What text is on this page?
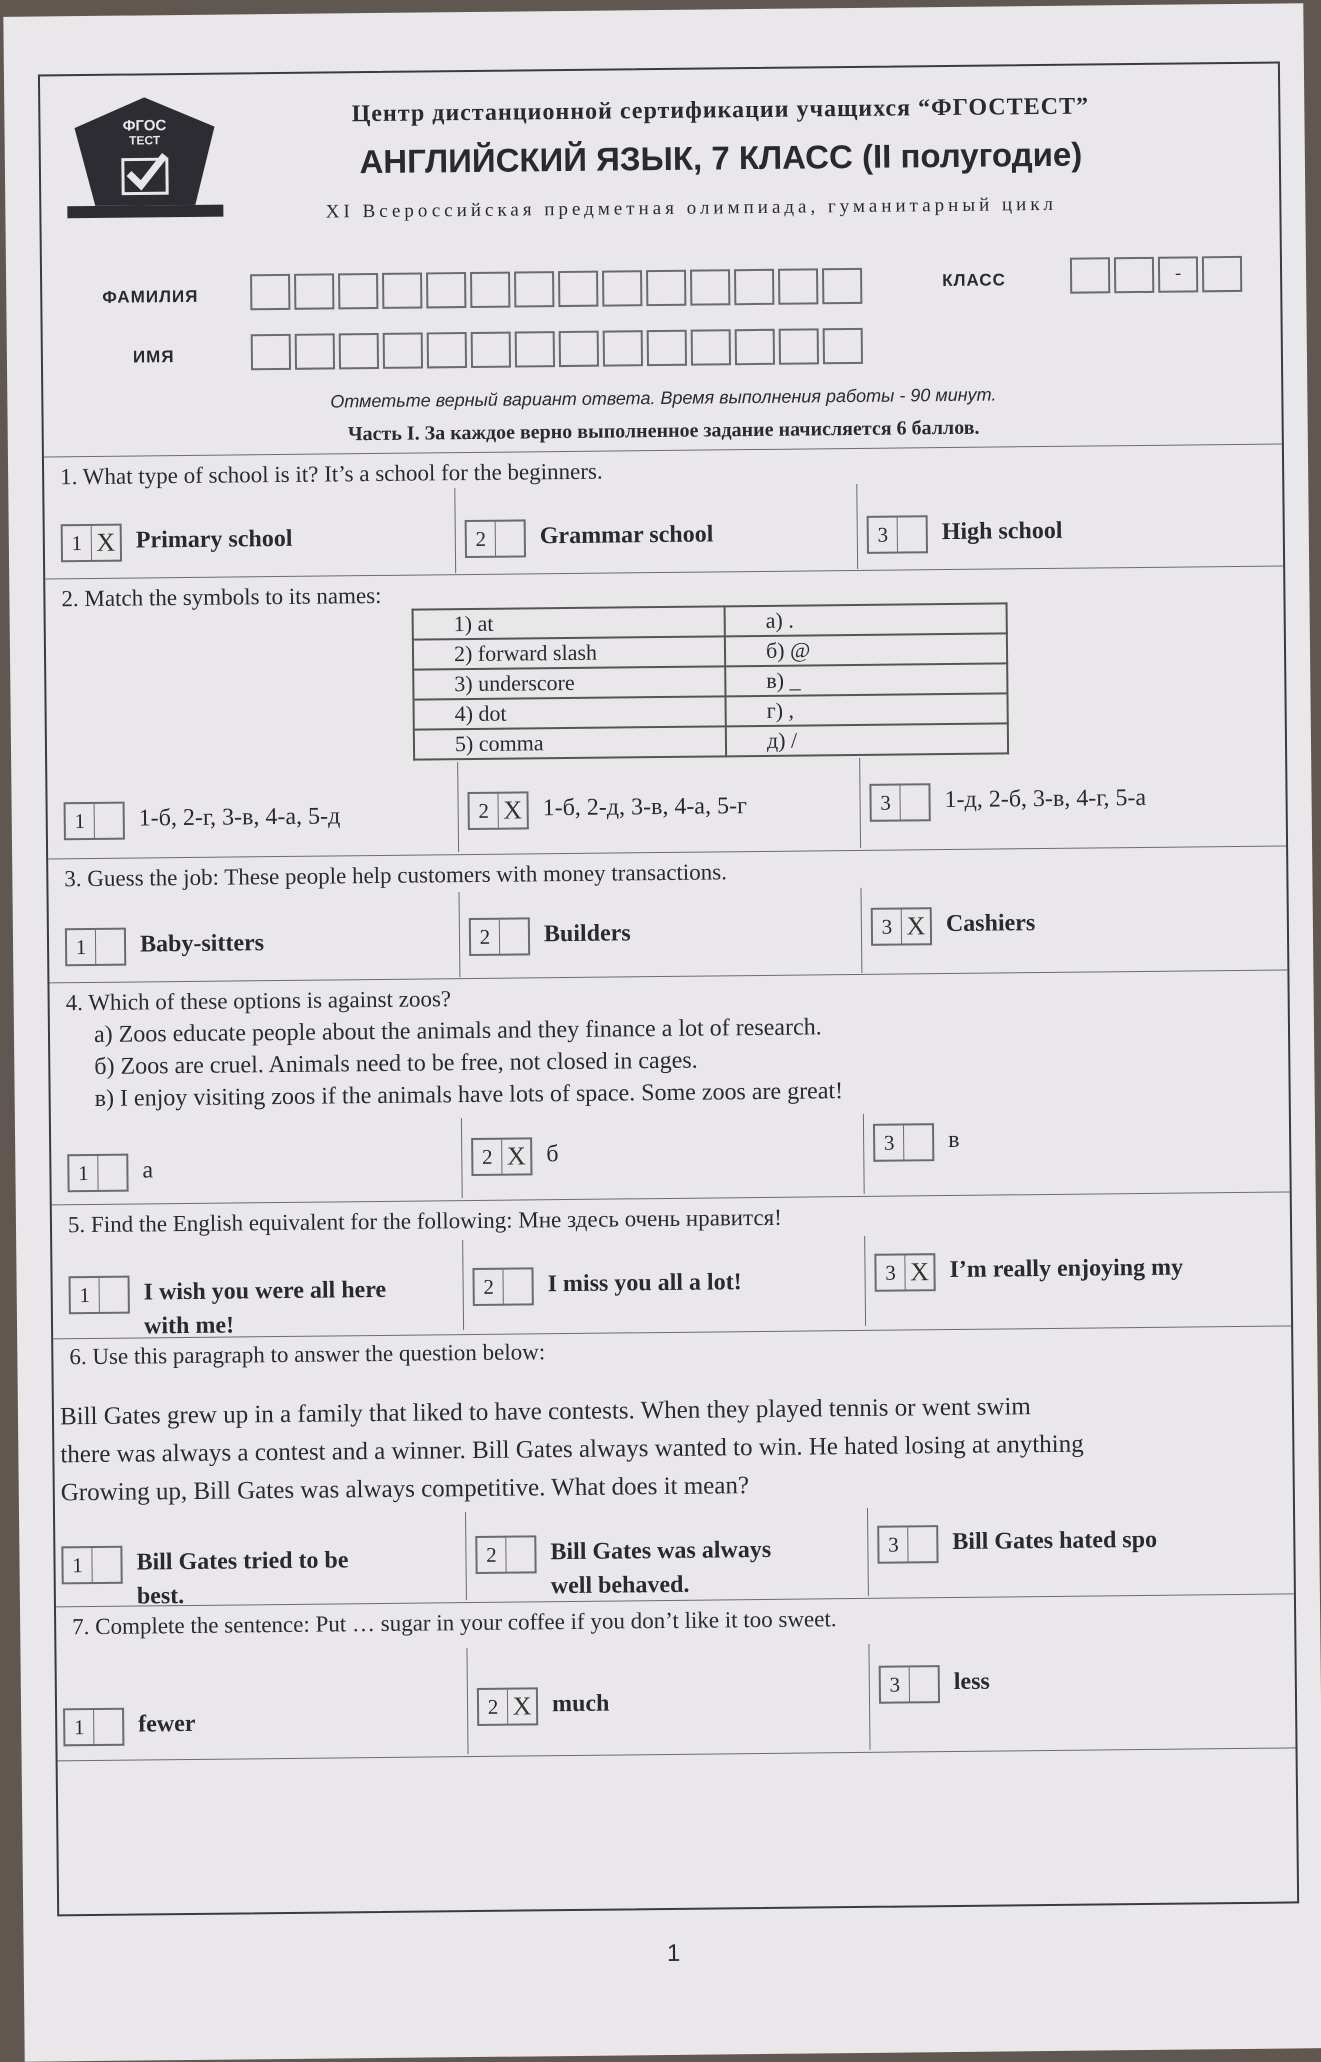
ФГОС
ТЕСТ
Центр дистанционной сертификации учащихся “ФГОСТЕСТ”
АНГЛИЙСКИЙ ЯЗЫК, 7 КЛАСС (II полугодие)
XI Всероссийская предметная олимпиада, гуманитарный цикл
ФАМИЛИЯ
КЛАСС
-
ИМЯ
Отметьте верный вариант ответа. Время выполнения работы - 90 минут.
Часть I. За каждое верно выполненное задание начисляется 6 баллов.
1. What type of school is it? It’s a school for the beginners.
1 X Primary school	2	Grammar school	3	High school
2. Match the symbols to its names:
1) at	а) .
2) forward slash	б) @
3) underscore	в) _
4) dot	г) ,
5) comma	д) /
1	1-б, 2-г, 3-в, 4-а, 5-д	2 X 1-б, 2-д, 3-в, 4-а, 5-г	3	1-д, 2-б, 3-в, 4-г, 5-а
3. Guess the job: These people help customers with money transactions.
1	Baby-sitters	2	Builders	3 X Cashiers
4. Which of these options is against zoos?
а) Zoos educate people about the animals and they finance a lot of research.
б) Zoos are cruel. Animals need to be free, not closed in cages.
в) I enjoy visiting zoos if the animals have lots of space. Some zoos are great!
1	а
2 X б	3	в
5. Find the English equivalent for the following: Мне здесь очень нравится!
1	I wish you were all here
with me!
2	I miss you all a lot!	3 X I’m really enjoying my
6. Use this paragraph to answer the question below:
Bill Gates grew up in a family that liked to have contests. When they played tennis or went swim
there was always a contest and a winner. Bill Gates always wanted to win. He hated losing at anything
Growing up, Bill Gates was always competitive. What does it mean?
1	Bill Gates tried to be
best.
2	Bill Gates was always
well behaved.
3	Bill Gates hated spo
7. Complete the sentence: Put … sugar in your coffee if you don’t like it too sweet.
1	fewer
2 X much
3	less
1
